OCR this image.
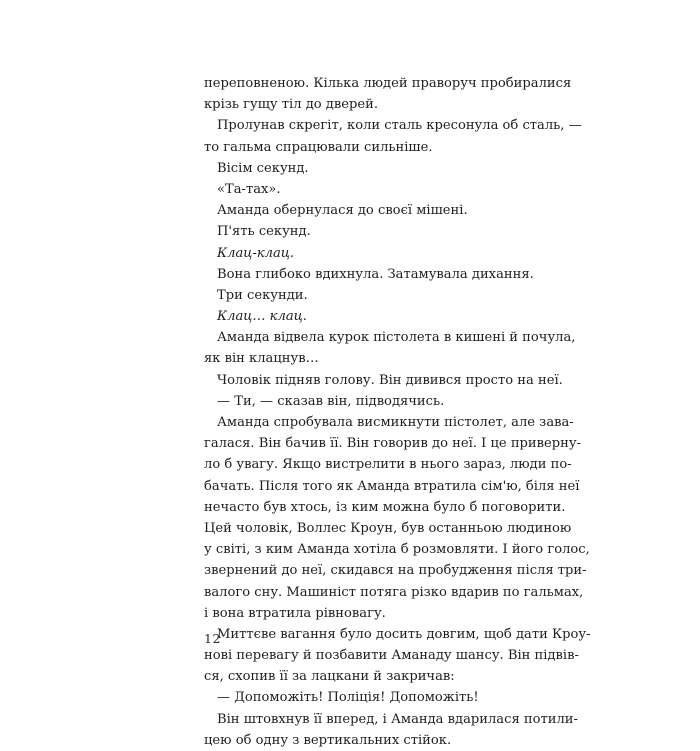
переповненою. Кілька людей праворуч пробиралися
крізь гущу тіл до дверей.
Пролунав скрегіт, коли сталь кресонула об сталь, —
то гальма спрацювали сильніше.
Вісім секунд.
«Та-тах».
Аманда обернулася до своєї мішені.
П'ять секунд.
Клац-клац.
Вона глибоко вдихнула. Затамувала дихання.
Три секунди.
Клац… клац.
Аманда відвела курок пістолета в кишені й почула,
як він клацнув…
Чоловік підняв голову. Він дивився просто на неї.
— Ти, — сказав він, підводячись.
Аманда спробувала висмикнути пістолет, але зава-
галася. Він бачив її. Він говорив до неї. І це приверну-
ло б увагу. Якщо вистрелити в нього зараз, люди по-
бачать. Після того як Аманда втратила сім'ю, біля неї
нечасто був хтось, із ким можна було б поговорити.
Цей чоловік, Воллес Кроун, був останньою людиною
у світі, з ким Аманда хотіла б розмовляти. І його голос,
звернений до неї, скидався на пробудження після три-
валого сну. Машиніст потяга різко вдарив по гальмах,
і вона втратила рівновагу.
Миттєве вагання було досить довгим, щоб дати Кроу-
нові перевагу й позбавити Аманаду шансу. Він підвів-
ся, схопив її за лацкани й закричав:
— Допоможіть! Поліція! Допоможіть!
Він штовхнув її вперед, і Аманда вдарилася потили-
цею об одну з вертикальних стійок.
12
